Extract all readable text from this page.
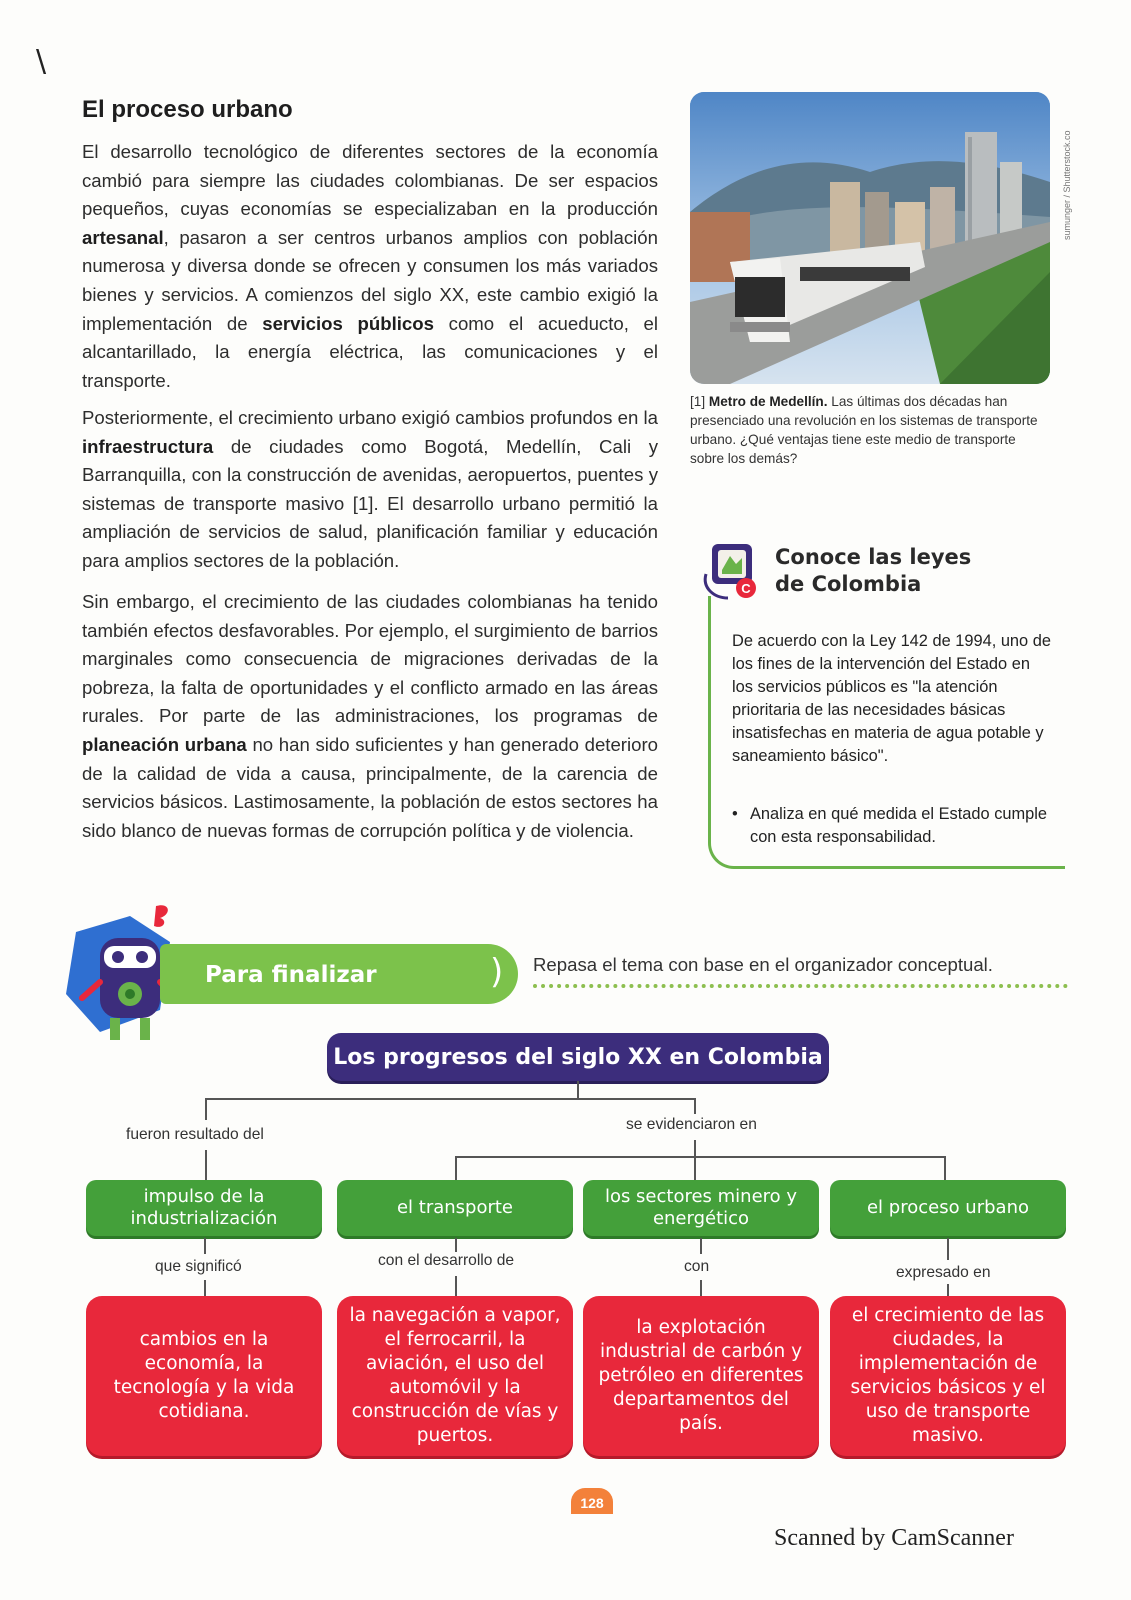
\
El proceso urbano

El desarrollo tecnológico de diferentes sectores de la economía cambió para siempre las ciudades colombianas. De ser espacios pequeños, cuyas economías se especializaban en la producción artesanal, pasaron a ser centros urbanos amplios con población numerosa y diversa donde se ofrecen y consumen los más variados bienes y servicios. A comienzos del siglo XX, este cambio exigió la implementación de servicios públicos como el acueducto, el alcantarillado, la energía eléctrica, las comunicaciones y el transporte.

Posteriormente, el crecimiento urbano exigió cambios profundos en la infraestructura de ciudades como Bogotá, Medellín, Cali y Barranquilla, con la construcción de avenidas, aeropuertos, puentes y sistemas de transporte masivo [1]. El desarrollo urbano permitió la ampliación de servicios de salud, planificación familiar y educación para amplios sectores de la población.

Sin embargo, el crecimiento de las ciudades colombianas ha tenido también efectos desfavorables. Por ejemplo, el surgimiento de barrios marginales como consecuencia de migraciones derivadas de la pobreza, la falta de oportunidades y el conflicto armado en las áreas rurales. Por parte de las administraciones, los programas de planeación urbana no han sido suficientes y han generado deterioro de la calidad de vida a causa, principalmente, de la carencia de servicios básicos. Lastimosamente, la población de estos sectores ha sido blanco de nuevas formas de corrupción política y de violencia.

sumunger / Shutterstock.co

[1] Metro de Medellín. Las últimas dos décadas han presenciado una revolución en los sistemas de transporte urbano. ¿Qué ventajas tiene este medio de transporte sobre los demás?

C
Conoce las leyes
de Colombia

De acuerdo con la Ley 142 de 1994, uno de los fines de la intervención del Estado en los servicios públicos es "la atención prioritaria de las necesidades básicas insatisfechas en materia de agua potable y saneamiento básico".

• Analiza en qué medida el Estado cumple con esta responsabilidad.
Para finalizar	) Repasa el tema con base en el organizador conceptual.
Los progresos del siglo XX en Colombia
fueron resultado del
se evidenciaron en
impulso de la industrialización
el transporte
los sectores minero y energético
el proceso urbano
que significó	con el desarrollo de	con	expresado en
cambios en la economía, la tecnología y la vida cotidiana.
la navegación a vapor, el ferrocarril, la aviación, el uso del automóvil y la construcción de vías y puertos.
la explotación industrial de carbón y petróleo en diferentes departamentos del país.
el crecimiento de las ciudades, la implementación de servicios básicos y el uso de transporte masivo.
128
Scanned by CamScanner
